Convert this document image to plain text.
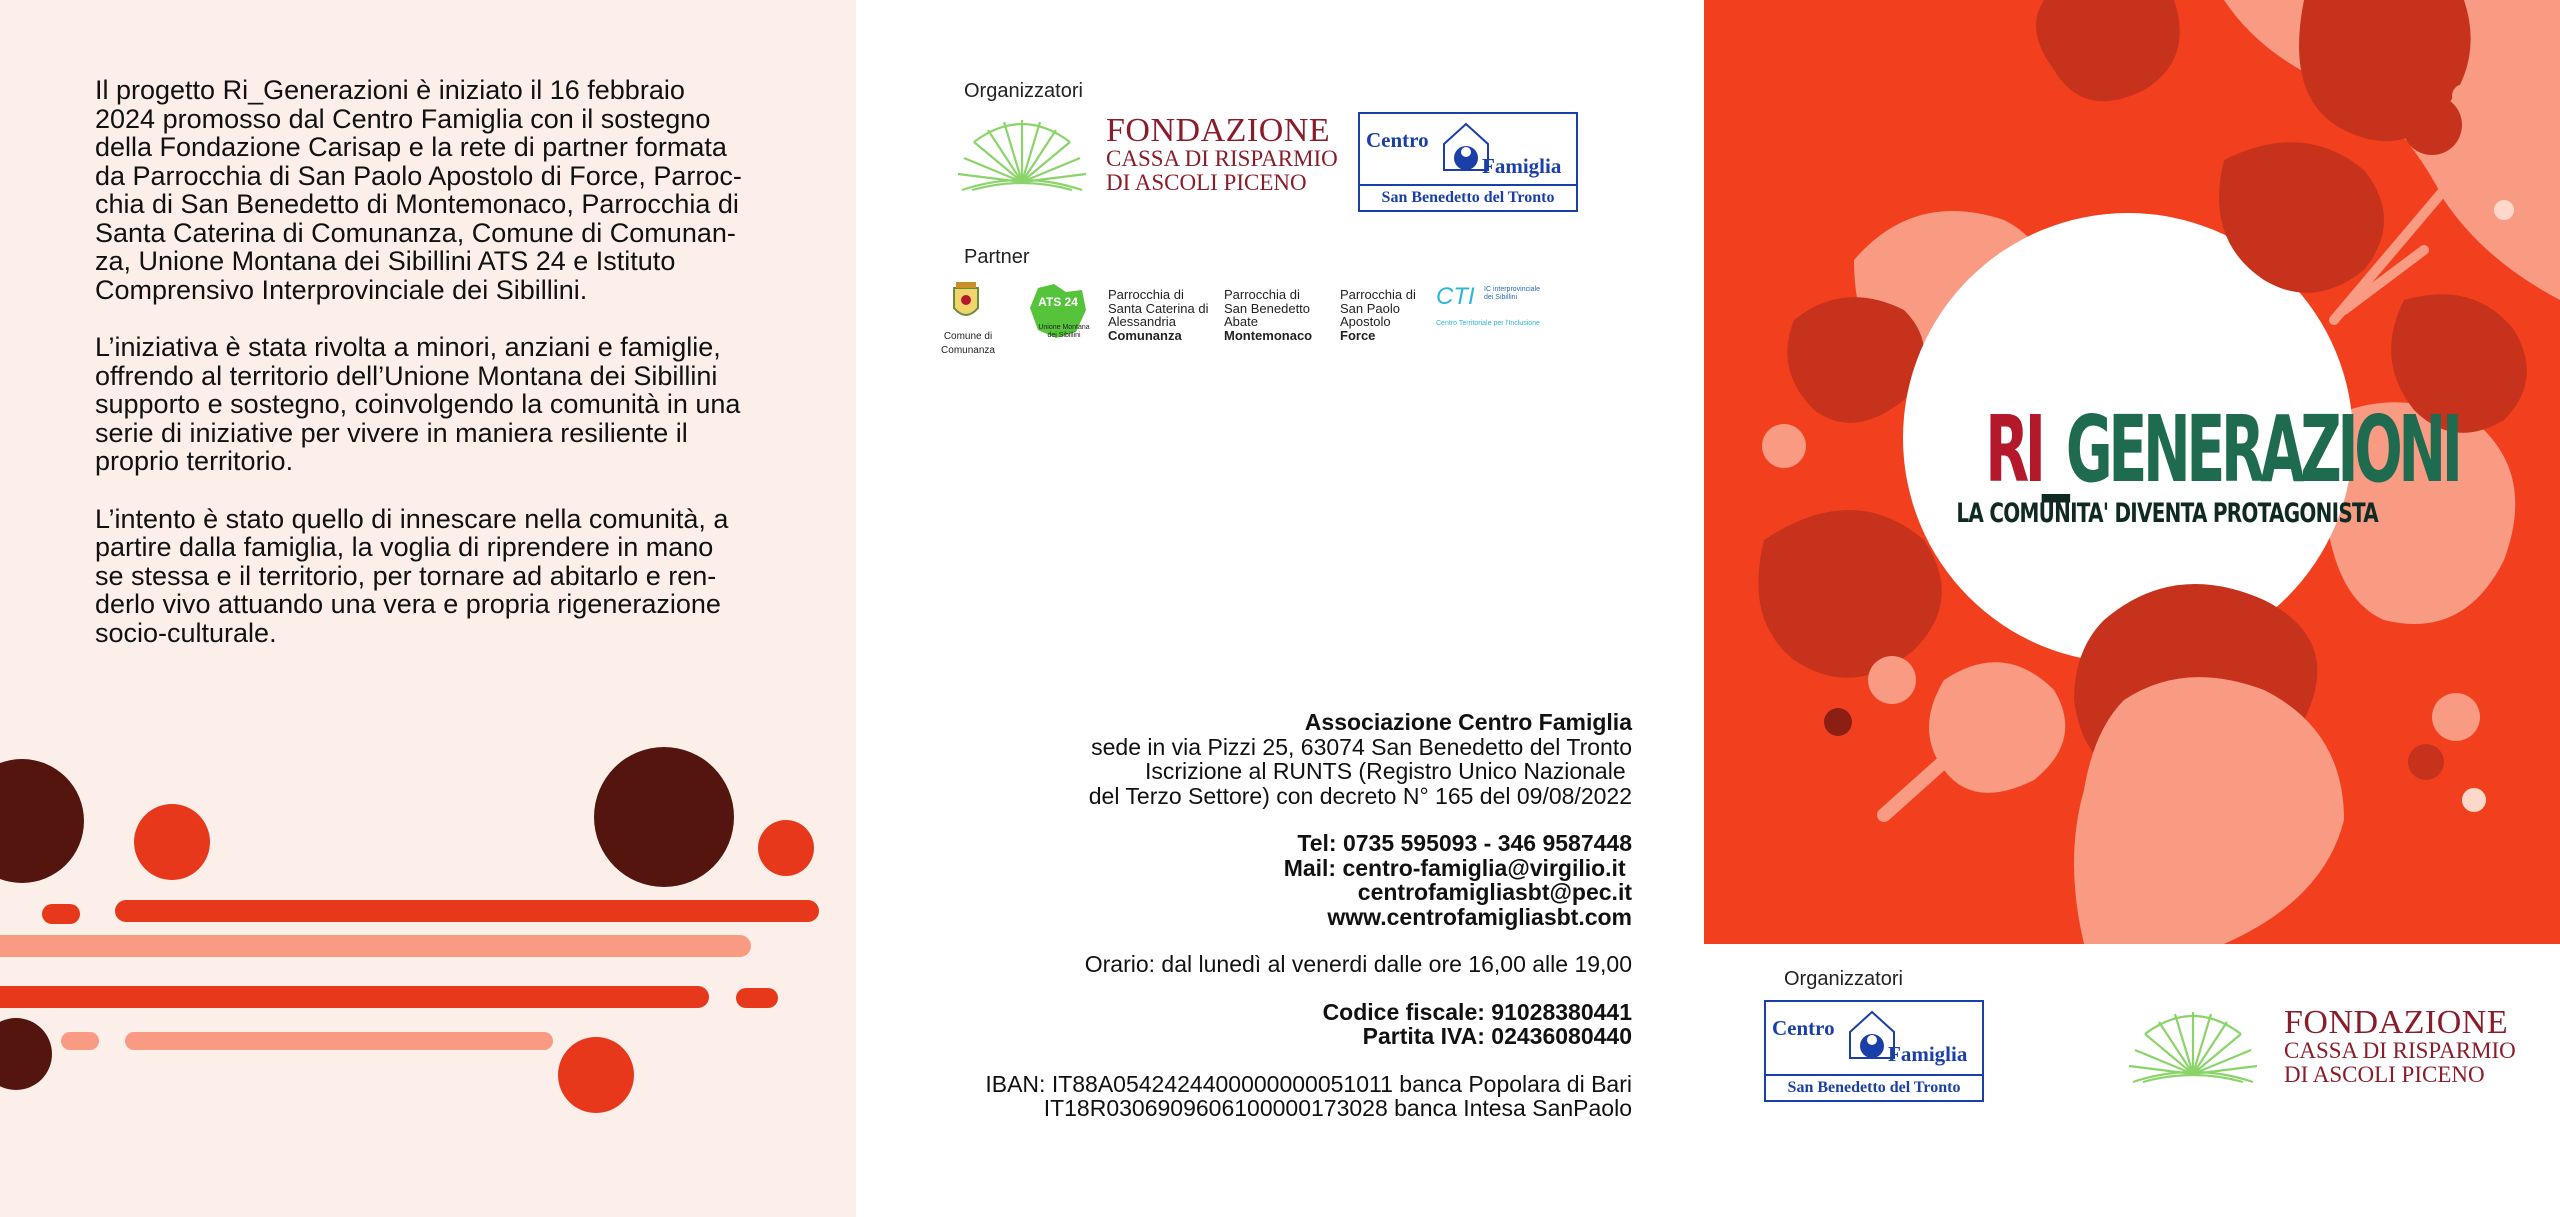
Il progetto Ri_Generazioni è iniziato il 16 febbraio
2024 promosso dal Centro Famiglia con il sostegno
della Fondazione Carisap e la rete di partner formata
da Parrocchia di San Paolo Apostolo di Force, Parroc-
chia di San Benedetto di Montemonaco, Parrocchia di
Santa Caterina di Comunanza, Comune di Comunan-
za, Unione Montana dei Sibillini ATS 24 e Istituto
Comprensivo Interprovinciale dei Sibillini.

L’iniziativa è stata rivolta a minori, anziani e famiglie,
offrendo al territorio dell’Unione Montana dei Sibillini
supporto e sostegno, coinvolgendo la comunità in una
serie di iniziative per vivere in maniera resiliente il
proprio territorio.

L’intento è stato quello di innescare nella comunità, a
partire dalla famiglia, la voglia di riprendere in mano
se stessa e il territorio, per tornare ad abitarlo e ren-
derlo vivo attuando una vera e propria rigenerazione
socio-culturale.

Organizzatori
FONDAZIONE
CASSA DI RISPARMIO
DI ASCOLI PICENO
Centro
Famiglia
San Benedetto del Tronto
Partner
Comune di Comunanza
ATS 24
Unione Montana
dei Sibillini
Parrocchia di
Santa Caterina di
Alessandria
Comunanza
Parrocchia di
San Benedetto
Abate
Montemonaco
Parrocchia di
San Paolo
Apostolo
Force
CTI IC interprovinciale
dei Sibillini
Centro Territoriale per l'Inclusione
Associazione Centro Famiglia
sede in via Pizzi 25, 63074 San Benedetto del Tronto
Iscrizione al RUNTS (Registro Unico Nazionale
del Terzo Settore) con decreto N° 165 del 09/08/2022
Tel: 0735 595093 - 346 9587448
Mail: centro-famiglia@virgilio.it
centrofamigliasbt@pec.it
www.centrofamigliasbt.com
Orario: dal lunedì al venerdi dalle ore 16,00 alle 19,00
Codice fiscale: 91028380441
Partita IVA: 02436080440
IBAN: IT88A0542424400000000051011 banca Popolara di Bari
IT18R0306909606100000173028 banca Intesa SanPaolo
RI_GENERAZIONI
LA COMUNITA' DIVENTA PROTAGONISTA
Organizzatori
Centro
Famiglia
San Benedetto del Tronto
FONDAZIONE
CASSA DI RISPARMIO
DI ASCOLI PICENO
